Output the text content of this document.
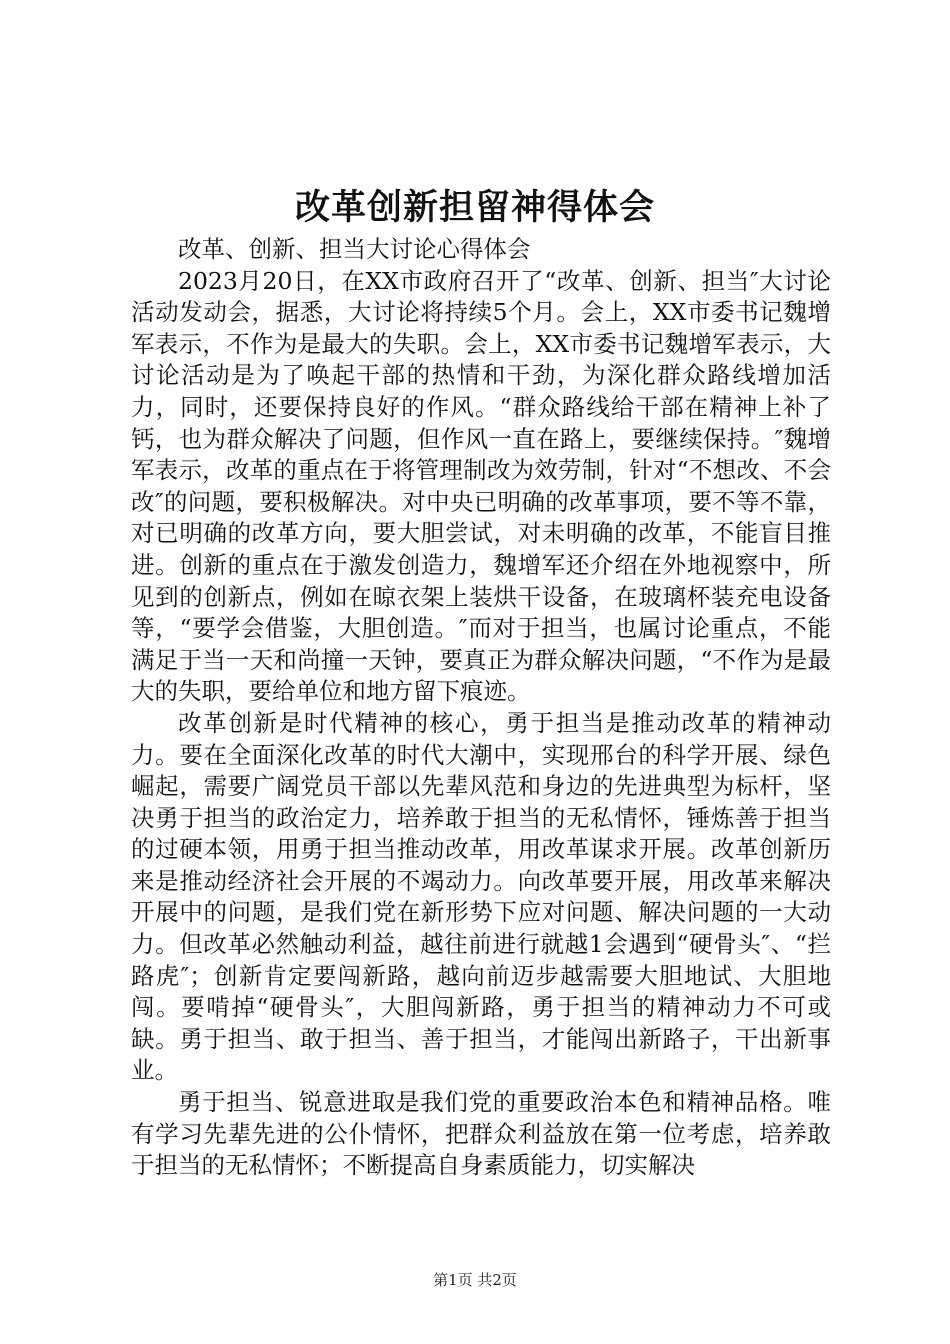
改革创新担留神得体会

改革、创新、担当大讨论心得体会

2023月20日，在XX市政府召开了“改革、创新、担当″大讨论活动发动会，据悉，大讨论将持续5个月。会上，XX市委书记魏增军表示，不作为是最大的失职。会上，XX市委书记魏增军表示，大讨论活动是为了唤起干部的热情和干劲，为深化群众路线增加活力，同时，还要保持良好的作风。“群众路线给干部在精神上补了钙，也为群众解决了问题，但作风一直在路上，要继续保持。″魏增军表示，改革的重点在于将管理制改为效劳制，针对“不想改、不会改″的问题，要积极解决。对中央已明确的改革事项，要不等不靠，对已明确的改革方向，要大胆尝试，对未明确的改革，不能盲目推进。创新的重点在于激发创造力，魏增军还介绍在外地视察中，所见到的创新点，例如在晾衣架上装烘干设备，在玻璃杯装充电设备等，“要学会借鉴，大胆创造。″而对于担当，也属讨论重点，不能满足于当一天和尚撞一天钟，要真正为群众解决问题，“不作为是最大的失职，要给单位和地方留下痕迹。

改革创新是时代精神的核心，勇于担当是推动改革的精神动力。要在全面深化改革的时代大潮中，实现邢台的科学开展、绿色崛起，需要广阔党员干部以先辈风范和身边的先进典型为标杆，坚决勇于担当的政治定力，培养敢于担当的无私情怀，锤炼善于担当的过硬本领，用勇于担当推动改革，用改革谋求开展。改革创新历来是推动经济社会开展的不竭动力。向改革要开展，用改革来解决开展中的问题，是我们党在新形势下应对问题、解决问题的一大动力。但改革必然触动利益，越往前进行就越1会遇到“硬骨头″、“拦路虎″；创新肯定要闯新路，越向前迈步越需要大胆地试、大胆地闯。要啃掉“硬骨头″，大胆闯新路，勇于担当的精神动力不可或缺。勇于担当、敢于担当、善于担当，才能闯出新路子，干出新事业。

勇于担当、锐意进取是我们党的重要政治本色和精神品格。唯有学习先辈先进的公仆情怀，把群众利益放在第一位考虑，培养敢于担当的无私情怀；不断提高自身素质能力，切实解决

第1页 共2页
